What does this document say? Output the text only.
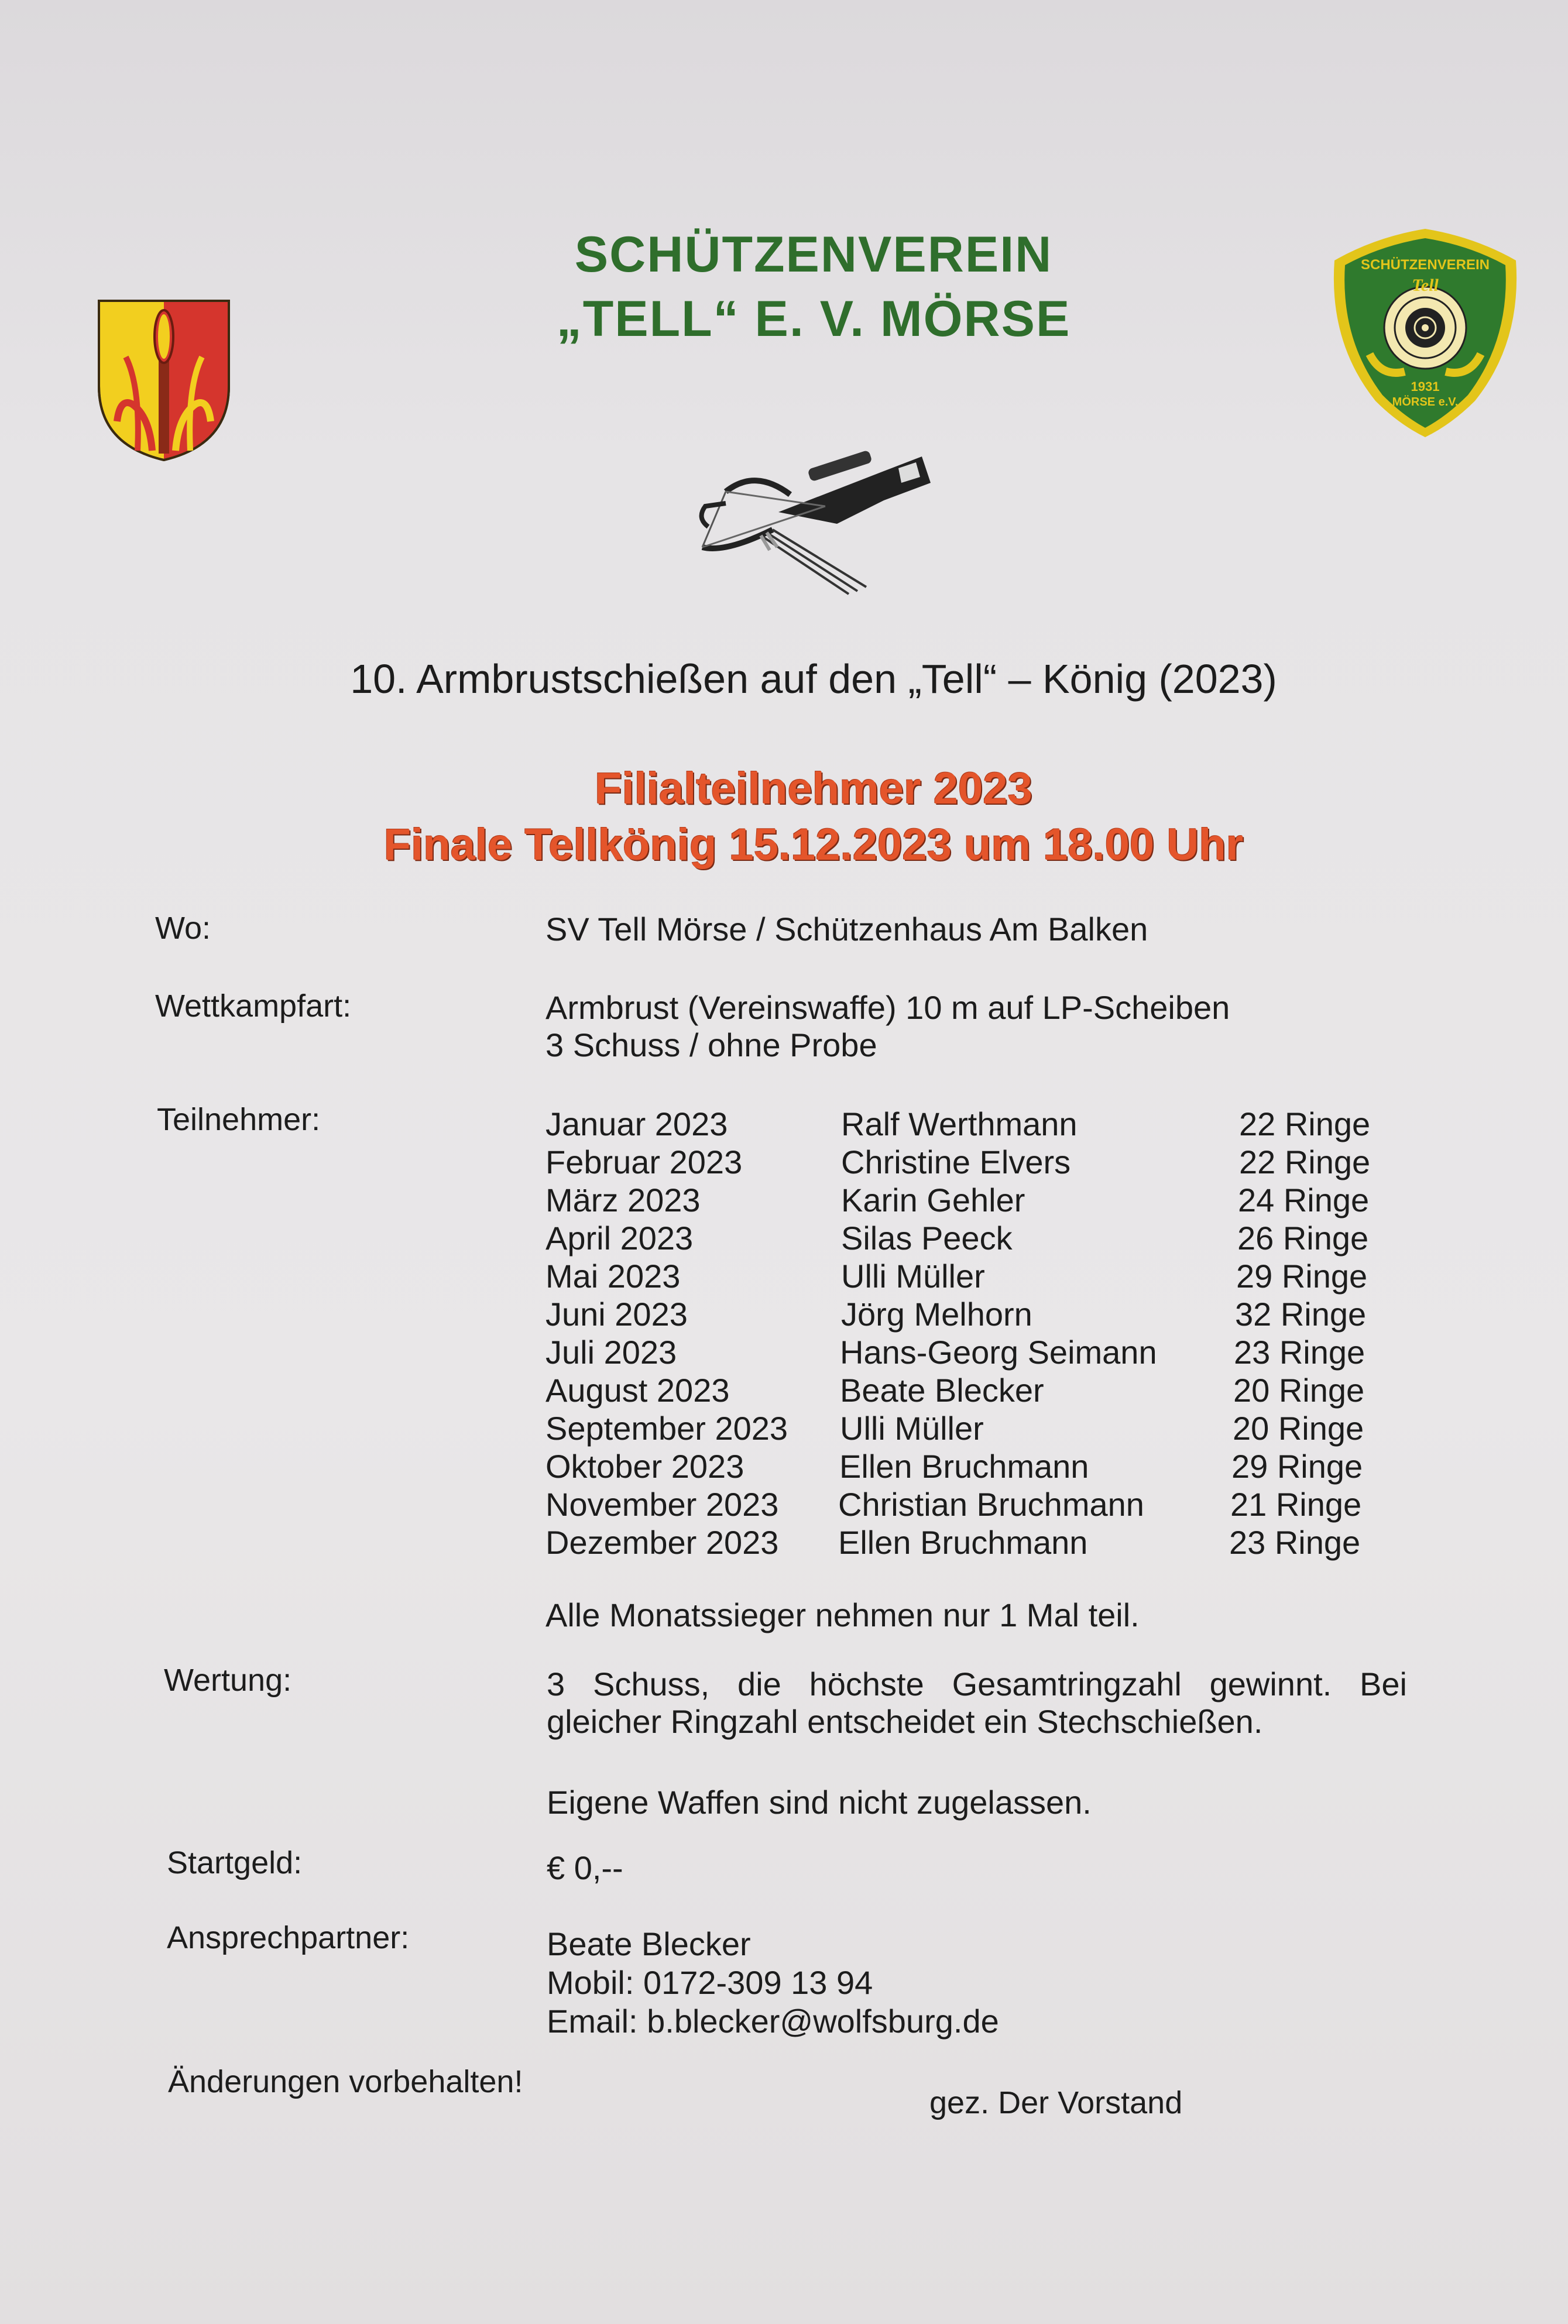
SCHÜTZENVEREIN
„TELL“ E. V. MÖRSE
SCHÜTZENVEREIN
Tell
1931
MÖRSE e.V.
10. Armbrustschießen auf den „Tell“ – König (2023)
Filialteilnehmer 2023
Finale Tellkönig 15.12.2023 um 18.00 Uhr
Wo:	SV Tell Mörse / Schützenhaus Am Balken
Wettkampfart:	Armbrust (Vereinswaffe) 10 m auf LP-Scheiben
3 Schuss / ohne Probe
Teilnehmer:	Januar 2023	Ralf Werthmann	22 Ringe
Februar 2023	Christine Elvers	22 Ringe
März 2023	Karin Gehler	24 Ringe
April 2023	Silas Peeck	26 Ringe
Mai 2023	Ulli Müller	29 Ringe
Juni 2023	Jörg Melhorn	32 Ringe
Juli 2023	Hans-Georg Seimann 23 Ringe
August 2023	Beate Blecker	20 Ringe
September 2023 Ulli Müller	20 Ringe
Oktober 2023	Ellen Bruchmann	29 Ringe
November 2023 Christian Bruchmann	21 Ringe
Dezember 2023 Ellen Bruchmann	23 Ringe
Alle Monatssieger nehmen nur 1 Mal teil.
Wertung:	3 Schuss, die höchste Gesamtringzahl gewinnt. Bei gleicher Ringzahl entscheidet ein Stechschießen.
Eigene Waffen sind nicht zugelassen.
Startgeld:	€ 0,--
Ansprechpartner:	Beate Blecker
Mobil: 0172-309 13 94
Email: b.blecker@wolfsburg.de
Änderungen vorbehalten!
gez. Der Vorstand
